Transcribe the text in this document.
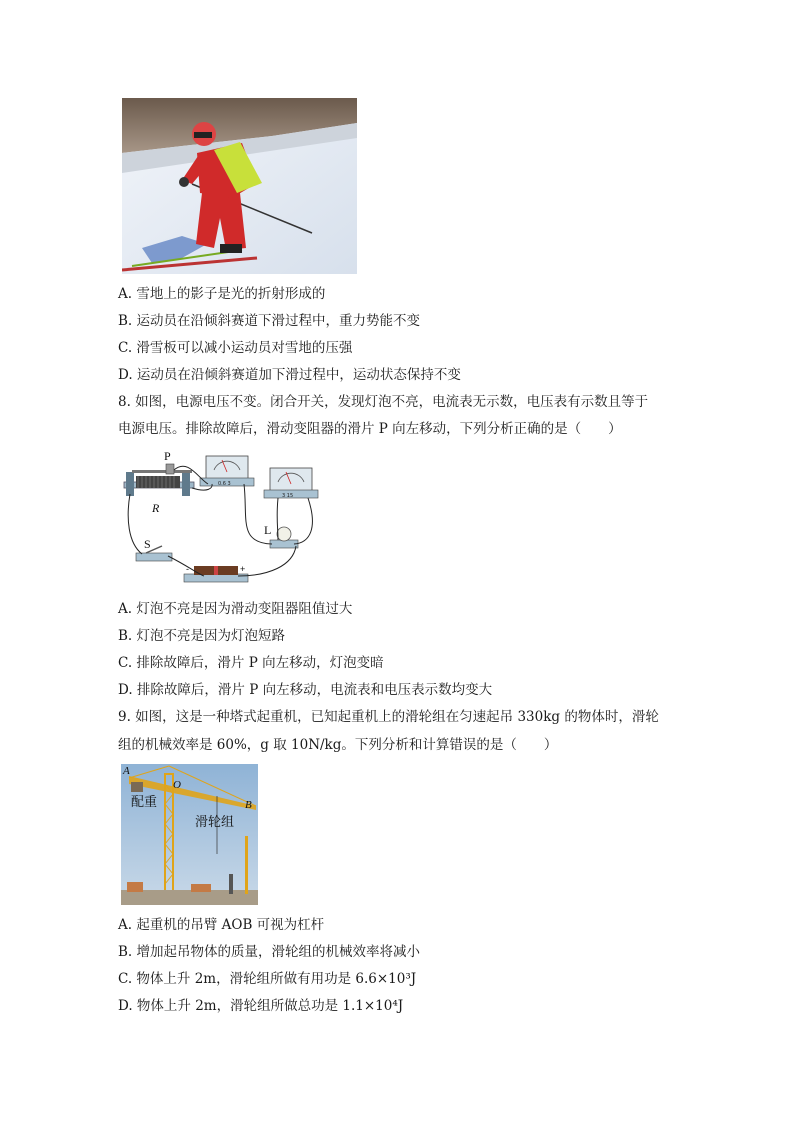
A. 雪地上的影子是光的折射形成的
B. 运动员在沿倾斜赛道下滑过程中，重力势能不变
C. 滑雪板可以减小运动员对雪地的压强
D. 运动员在沿倾斜赛道加下滑过程中，运动状态保持不变
8. 如图，电源电压不变。闭合开关，发现灯泡不亮，电流表无示数，电压表有示数且等于
电源电压。排除故障后，滑动变阻器的滑片 P 向左移动，下列分析正确的是（　　）
0.6 3
3 15
P
R
S
L
-	+
A. 灯泡不亮是因为滑动变阻器阻值过大
B. 灯泡不亮是因为灯泡短路
C. 排除故障后，滑片 P 向左移动，灯泡变暗
D. 排除故障后，滑片 P 向左移动，电流表和电压表示数均变大
9. 如图，这是一种塔式起重机，已知起重机上的滑轮组在匀速起吊 330kg 的物体时，滑轮
组的机械效率是 60%，g 取 10N/kg。下列分析和计算错误的是（　　）
A
O
B
配重
滑轮组
A. 起重机的吊臂 AOB 可视为杠杆
B. 增加起吊物体的质量，滑轮组的机械效率将减小
C. 物体上升 2m，滑轮组所做有用功是 6.6×10³J
D. 物体上升 2m，滑轮组所做总功是 1.1×10⁴J
